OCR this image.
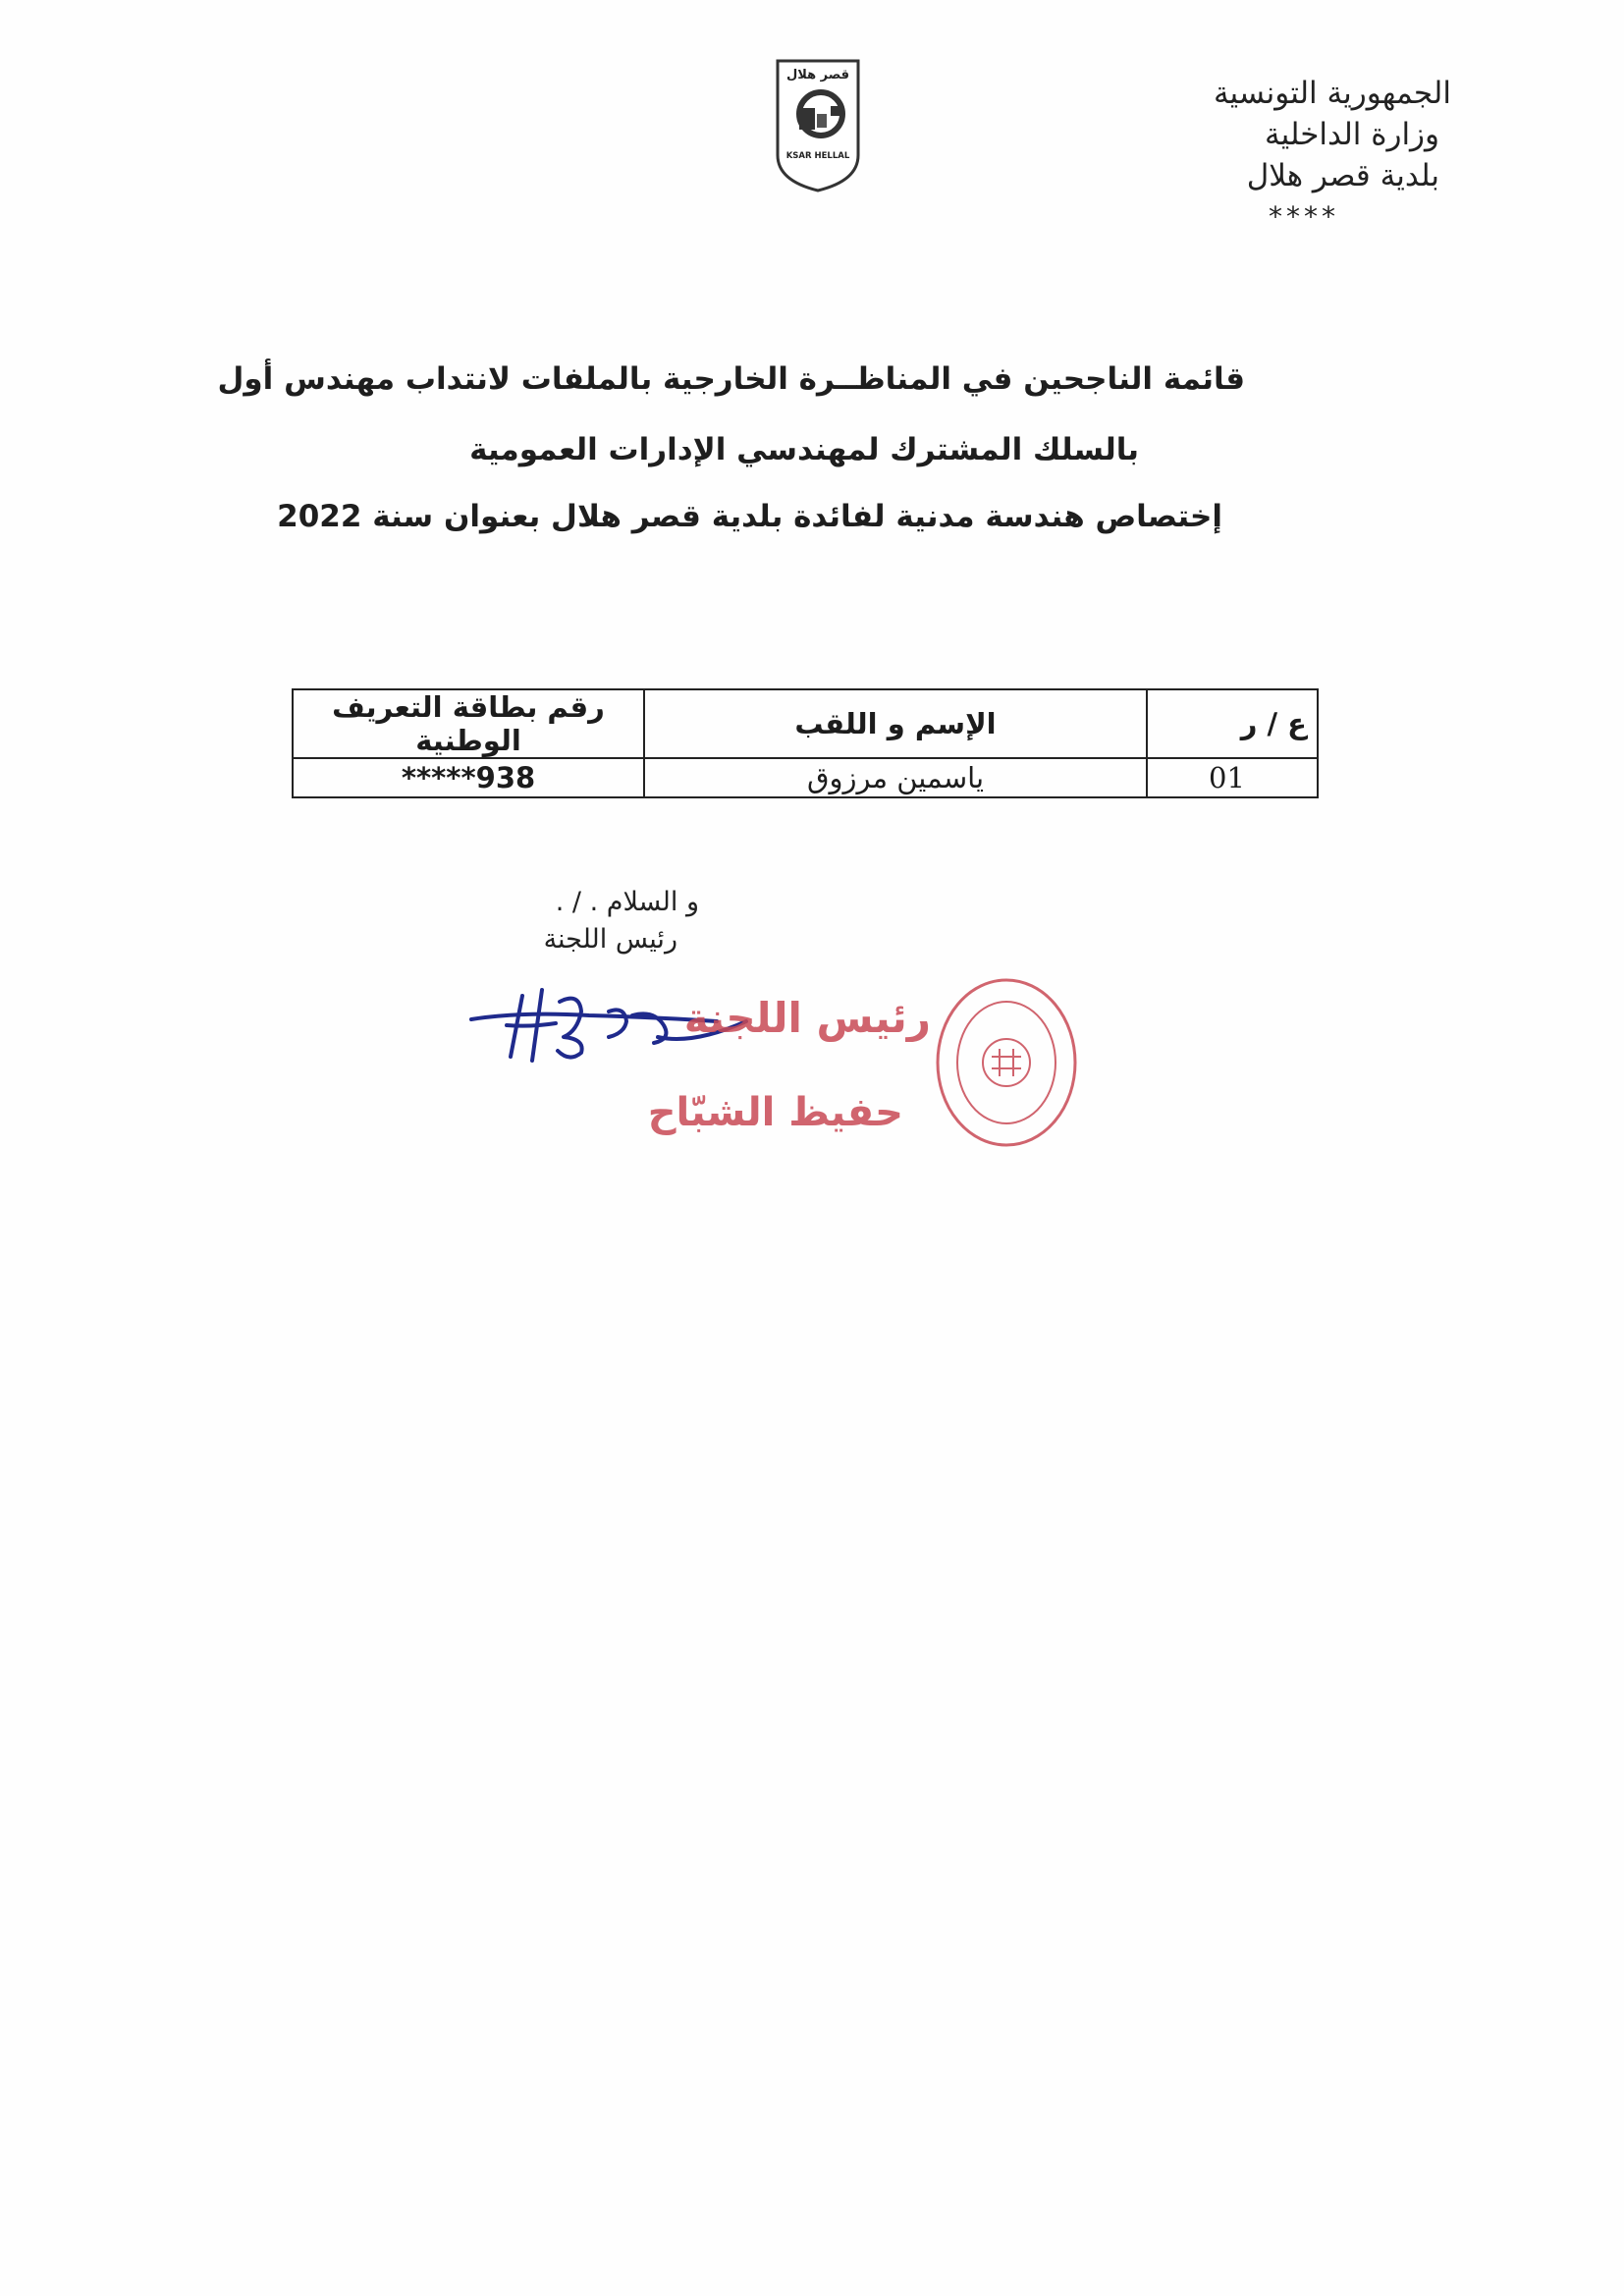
قصر هلال
KSAR HELLAL
الجمهورية التونسية
وزارة الداخلية
بلدية قصر هلال
****
قائمة الناجحين في المناظــرة الخارجية بالملفات لانتداب مهندس أول
بالسلك المشترك لمهندسي الإدارات العمومية
إختصاص هندسة مدنية لفائدة بلدية قصر هلال بعنوان سنة 2022
ع / ر	الإسم و اللقب	رقم بطاقة التعريف الوطنية
01	ياسمين مرزوق	*****938
و السلام . / .
رئيس اللجنة
رئيس اللجنة
حفيظ الشبّاح
